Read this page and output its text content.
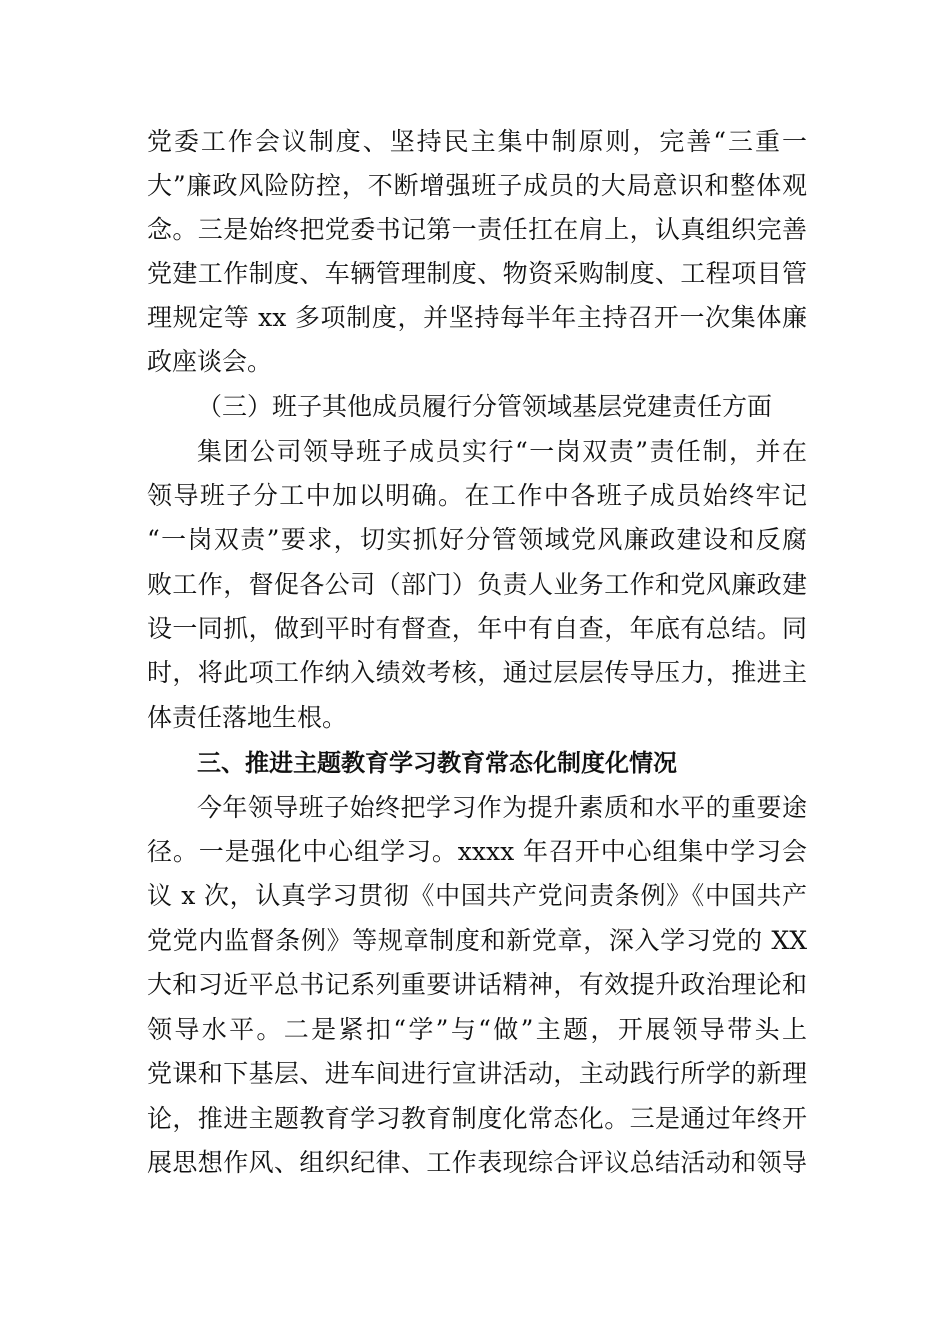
党委工作会议制度、坚持民主集中制原则，完善“三重一
大”廉政风险防控，不断增强班子成员的大局意识和整体观
念。三是始终把党委书记第一责任扛在肩上，认真组织完善
党建工作制度、车辆管理制度、物资采购制度、工程项目管
理规定等 xx 多项制度，并坚持每半年主持召开一次集体廉
政座谈会。
（三）班子其他成员履行分管领域基层党建责任方面
集团公司领导班子成员实行“一岗双责”责任制，并在
领导班子分工中加以明确。在工作中各班子成员始终牢记
“一岗双责”要求，切实抓好分管领域党风廉政建设和反腐
败工作，督促各公司（部门）负责人业务工作和党风廉政建
设一同抓，做到平时有督查，年中有自查，年底有总结。同
时，将此项工作纳入绩效考核，通过层层传导压力，推进主
体责任落地生根。
三、推进主题教育学习教育常态化制度化情况
今年领导班子始终把学习作为提升素质和水平的重要途
径。一是强化中心组学习。xxxx 年召开中心组集中学习会
议 x 次，认真学习贯彻《中国共产党问责条例》《中国共产
党党内监督条例》等规章制度和新党章，深入学习党的 XX
大和习近平总书记系列重要讲话精神，有效提升政治理论和
领导水平。二是紧扣“学”与“做”主题，开展领导带头上
党课和下基层、进车间进行宣讲活动，主动践行所学的新理
论，推进主题教育学习教育制度化常态化。三是通过年终开
展思想作风、组织纪律、工作表现综合评议总结活动和领导
